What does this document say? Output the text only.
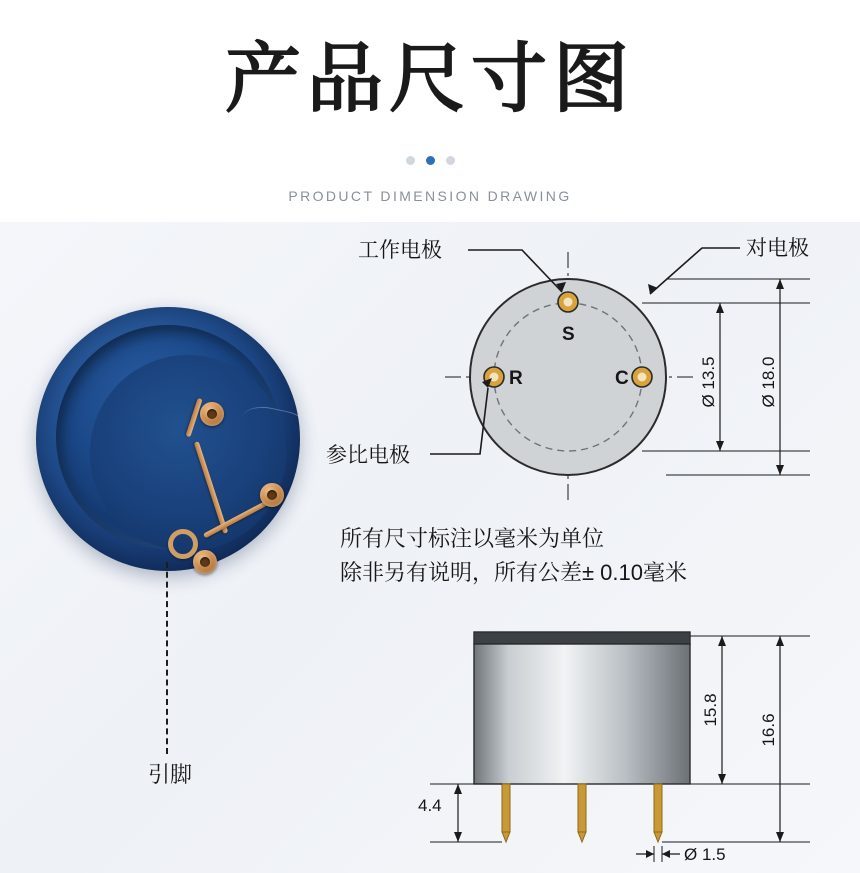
产品尺寸图
PRODUCT DIMENSION DRAWING
引脚
S
R	C
工作电极	对电极
参比电极
Ø 13.5 Ø 18.0
所有尺寸标注以毫米为单位
除非另有说明，所有公差± 0.10毫米
15.8
16.6
4.4
Ø 1.5
